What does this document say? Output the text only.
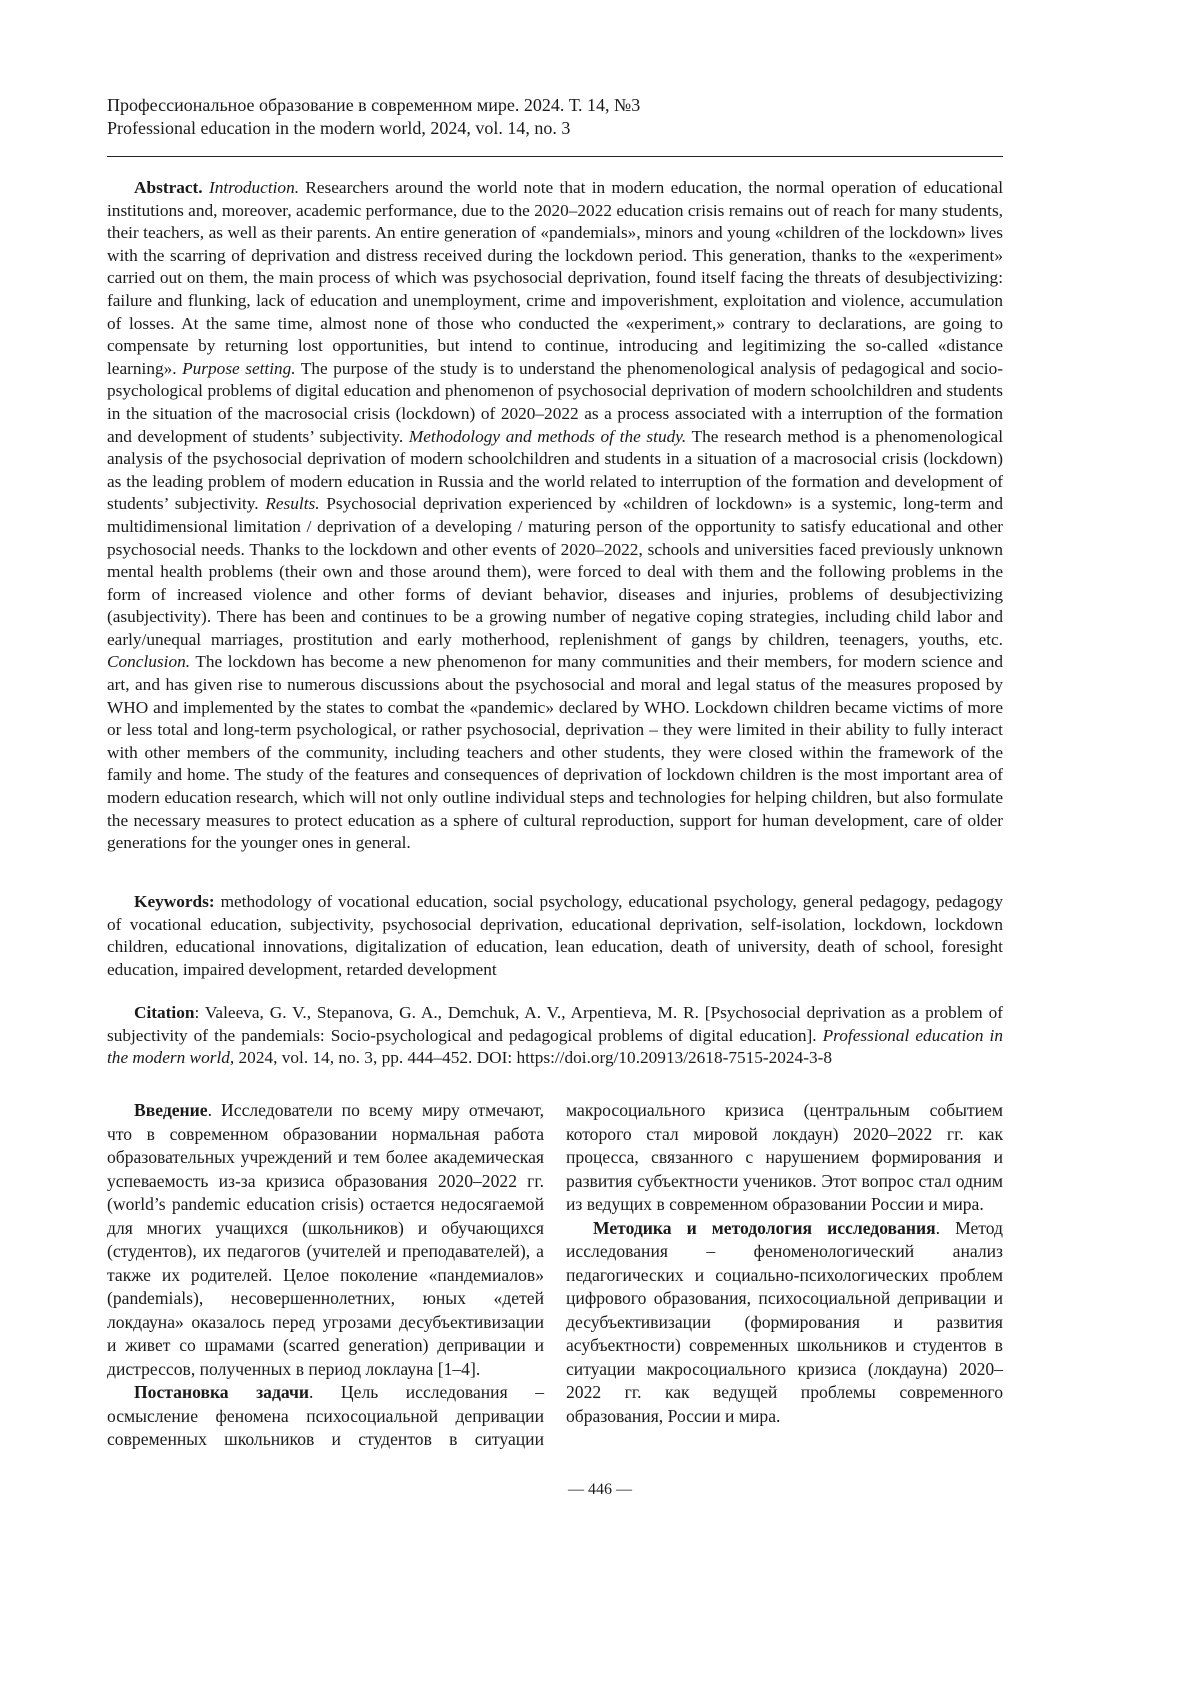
Профессиональное образование в современном мире. 2024. Т. 14, №3
Professional education in the modern world, 2024, vol. 14, no. 3

Abstract. Introduction. Researchers around the world note that in modern education, the normal operation of educational institutions and, moreover, academic performance, due to the 2020–2022 education crisis remains out of reach for many students, their teachers, as well as their parents. An entire generation of «pandemials», minors and young «children of the lockdown» lives with the scarring of deprivation and distress received during the lockdown period. This generation, thanks to the «experiment» carried out on them, the main process of which was psychosocial deprivation, found itself facing the threats of desubjectivizing: failure and flunking, lack of education and unemployment, crime and impoverishment, exploitation and violence, accumulation of losses. At the same time, almost none of those who conducted the «experiment,» contrary to declarations, are going to compensate by returning lost opportunities, but intend to continue, introducing and legitimizing the so-called «distance learning». Purpose setting. The purpose of the study is to understand the phenomenological analysis of pedagogical and socio-psychological problems of digital education and phenomenon of psychosocial deprivation of modern schoolchildren and students in the situation of the macrosocial crisis (lockdown) of 2020–2022 as a process associated with a interruption of the formation and development of students’ subjectivity. Methodology and methods of the study. The research method is a phenomenological analysis of the psychosocial deprivation of modern schoolchildren and students in a situation of a macrosocial crisis (lockdown) as the leading problem of modern education in Russia and the world related to interruption of the formation and development of students’ subjectivity. Results. Psychosocial deprivation experienced by «children of lockdown» is a systemic, long-term and multidimensional limitation / deprivation of a developing / maturing person of the opportunity to satisfy educational and other psychosocial needs. Thanks to the lockdown and other events of 2020–2022, schools and universities faced previously unknown mental health problems (their own and those around them), were forced to deal with them and the following problems in the form of increased violence and other forms of deviant behavior, diseases and injuries, problems of desubjectivizing (asubjectivity). There has been and continues to be a growing number of negative coping strategies, including child labor and early/unequal marriages, prostitution and early motherhood, replenishment of gangs by children, teenagers, youths, etc. Conclusion. The lockdown has become a new phenomenon for many communities and their members, for modern science and art, and has given rise to numerous discussions about the psychosocial and moral and legal status of the measures proposed by WHO and implemented by the states to combat the «pandemic» declared by WHO. Lockdown children became victims of more or less total and long-term psychological, or rather psychosocial, deprivation – they were limited in their ability to fully interact with other members of the community, including teachers and other students, they were closed within the framework of the family and home. The study of the features and consequences of deprivation of lockdown children is the most important area of modern education research, which will not only outline individual steps and technologies for helping children, but also formulate the necessary measures to protect education as a sphere of cultural reproduction, support for human development, care of older generations for the younger ones in general.

Keywords: methodology of vocational education, social psychology, educational psychology, general pedagogy, pedagogy of vocational education, subjectivity, psychosocial deprivation, educational deprivation, self-isolation, lockdown, lockdown children, educational innovations, digitalization of education, lean education, death of university, death of school, foresight education, impaired development, retarded development

Citation: Valeeva, G. V., Stepanova, G. A., Demchuk, A. V., Arpentieva, M. R. [Psychosocial deprivation as a problem of subjectivity of the pandemials: Socio-psychological and pedagogical problems of digital education]. Professional education in the modern world, 2024, vol. 14, no. 3, pp. 444–452. DOI: https://doi.org/10.20913/2618-7515-2024-3-8

Введение. Исследователи по всему миру отмечают, что в современном образовании нормальная работа образовательных учреждений и тем более академическая успеваемость из-за кризиса образования 2020–2022 гг. (world’s pandemic education crisis) остается недосягаемой для многих учащихся (школьников) и обучающихся (студентов), их педагогов (учителей и преподавателей), а также их родителей. Целое поколение «пандемиалов» (pandemials), несовершеннолетних, юных «детей локдауна» оказалось перед угрозами десубъективизации и живет со шрамами (scarred generation) депривации и дистрессов, полученных в период локлауна [1–4].

Постановка задачи. Цель исследования – осмысление феномена психосоциальной депривации современных школьников и студентов в ситуации макросоциального кризиса (центральным событием которого стал мировой локдаун) 2020–2022 гг. как процесса, связанного с нарушением формирования и развития субъектности учеников. Этот вопрос стал одним из ведущих в современном образовании России и мира.

Методика и методология исследования. Метод исследования – феноменологический анализ педагогических и социально-психологических проблем цифрового образования, психосоциальной депривации и десубъективизации (формирования и развития асубъектности) современных школьников и студентов в ситуации макросоциального кризиса (локдауна) 2020–2022 гг. как ведущей проблемы современного образования, России и мира.

— 446 —
